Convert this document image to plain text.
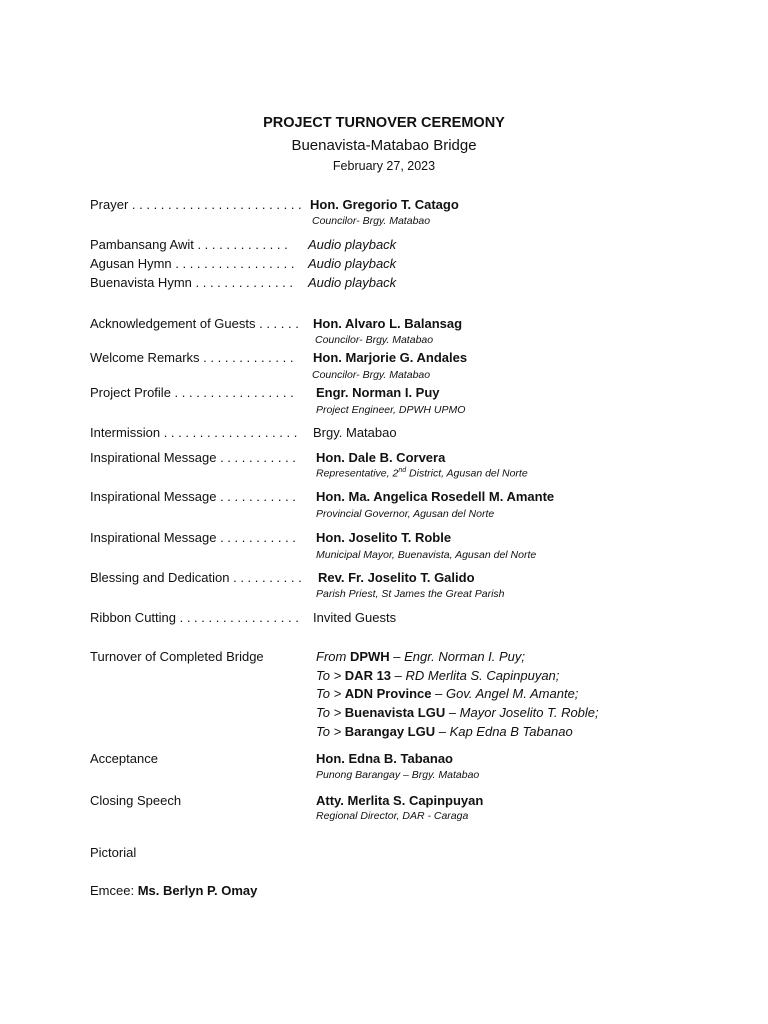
PROJECT TURNOVER CEREMONY
Buenavista-Matabao Bridge
February 27, 2023
Prayer . . . . . . . . . . . . . . . . . . . . . . . . Hon. Gregorio T. Catago
Councilor- Brgy. Matabao
Pambansang Awit . . . . . . . . . . . . . Audio playback
Agusan Hymn . . . . . . . . . . . . . . . . . Audio playback
Buenavista Hymn . . . . . . . . . . . . . . Audio playback
Acknowledgement of Guests . . . . . . Hon. Alvaro L. Balansag
Councilor- Brgy. Matabao
Welcome Remarks . . . . . . . . . . . . . Hon. Marjorie G. Andales
Councilor- Brgy. Matabao
Project Profile . . . . . . . . . . . . . . . . . Engr. Norman I. Puy
Project Engineer, DPWH UPMO
Intermission . . . . . . . . . . . . . . . . . . . Brgy. Matabao
Inspirational Message . . . . . . . . . . . Hon. Dale B. Corvera
Representative, 2nd District, Agusan del Norte
Inspirational Message . . . . . . . . . . . Hon. Ma. Angelica Rosedell M. Amante
Provincial Governor, Agusan del Norte
Inspirational Message . . . . . . . . . . . Hon. Joselito T. Roble
Municipal Mayor, Buenavista, Agusan del Norte
Blessing and Dedication . . . . . . . . . . Rev. Fr. Joselito T. Galido
Parish Priest, St James the Great Parish
Ribbon Cutting . . . . . . . . . . . . . . . . . Invited Guests
Turnover of Completed Bridge	From DPWH – Engr. Norman I. Puy;
To > DAR 13 – RD Merlita S. Capinpuyan;
To > ADN Province – Gov. Angel M. Amante;
To > Buenavista LGU – Mayor Joselito T. Roble;
To > Barangay LGU – Kap Edna B Tabanao
Acceptance	Hon. Edna B. Tabanao
Punong Barangay – Brgy. Matabao
Closing Speech	Atty. Merlita S. Capinpuyan
Regional Director, DAR - Caraga
Pictorial
Emcee: Ms. Berlyn P. Omay
